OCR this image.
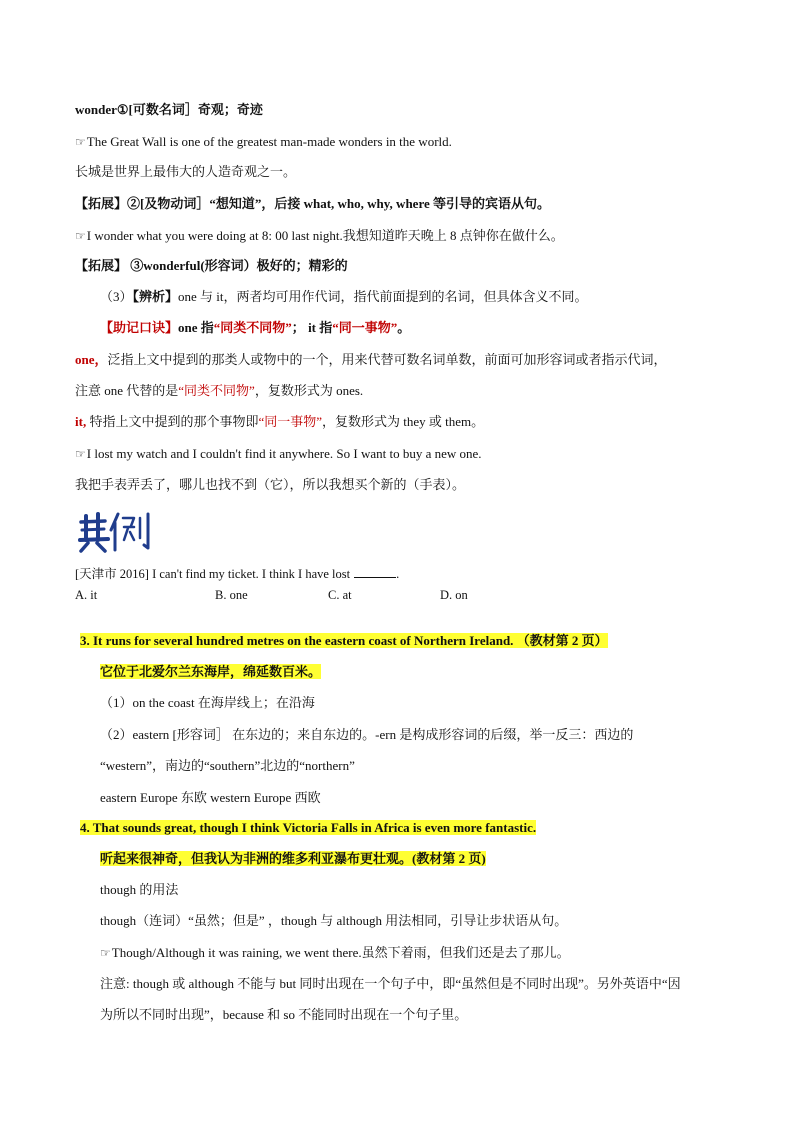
wonder①[可数名词］奇观；奇迹
☞The Great Wall is one of the greatest man-made wonders in the world.
长城是世界上最伟大的人造奇观之一。
【拓展】②[及物动词］“想知道”，后接 what, who, why, where 等引导的宾语从句。
☞I wonder what you were doing at 8: 00 last night.我想知道昨天晚上 8 点钟你在做什么。
【拓展】 ③wonderful(形容词）极好的；精彩的
（3）【辨析】one 与 it，两者均可用作代词，指代前面提到的名词，但具体含义不同。
【助记口诀】one 指“同类不同物”； it 指“同一事物”。
one，泛指上文中提到的那类人或物中的一个，用来代替可数名词单数，前面可加形容词或者指示代词，
注意 one 代替的是“同类不同物”，复数形式为 ones.
it, 特指上文中提到的那个事物即“同一事物”，复数形式为 they 或 them。
☞I lost my watch and I couldn't find it anywhere. So I want to buy a new one.
我把手表弄丢了，哪儿也找不到（它），所以我想买个新的（手表）。
[天津市 2016] I can't find my ticket. I think I have lost	.
A. it	B. one	C. at	D. on
3. It runs for several hundred metres on the eastern coast of Northern Ireland. （教材第 2 页）
它位于北爱尔兰东海岸，绵延数百米。
（1）on the coast 在海岸线上；在沿海
（2）eastern [形容词］ 在东边的；来自东边的。-ern 是构成形容词的后缀，举一反三：西边的
“western”，南边的“southern”北边的“northern”
eastern Europe 东欧 western Europe 西欧
4. That sounds great, though I think Victoria Falls in Africa is even more fantastic.
听起来很神奇，但我认为非洲的维多利亚瀑布更壮观。(教材第 2 页)
though 的用法
though（连词）“虽然；但是” ，though 与 although 用法相同，引导让步状语从句。
☞Though/Although it was raining, we went there.虽然下着雨，但我们还是去了那儿。
注意: though 或 although 不能与 but 同时出现在一个句子中，即“虽然但是不同时出现”。另外英语中“因
为所以不同时出现”，because 和 so 不能同时出现在一个句子里。
